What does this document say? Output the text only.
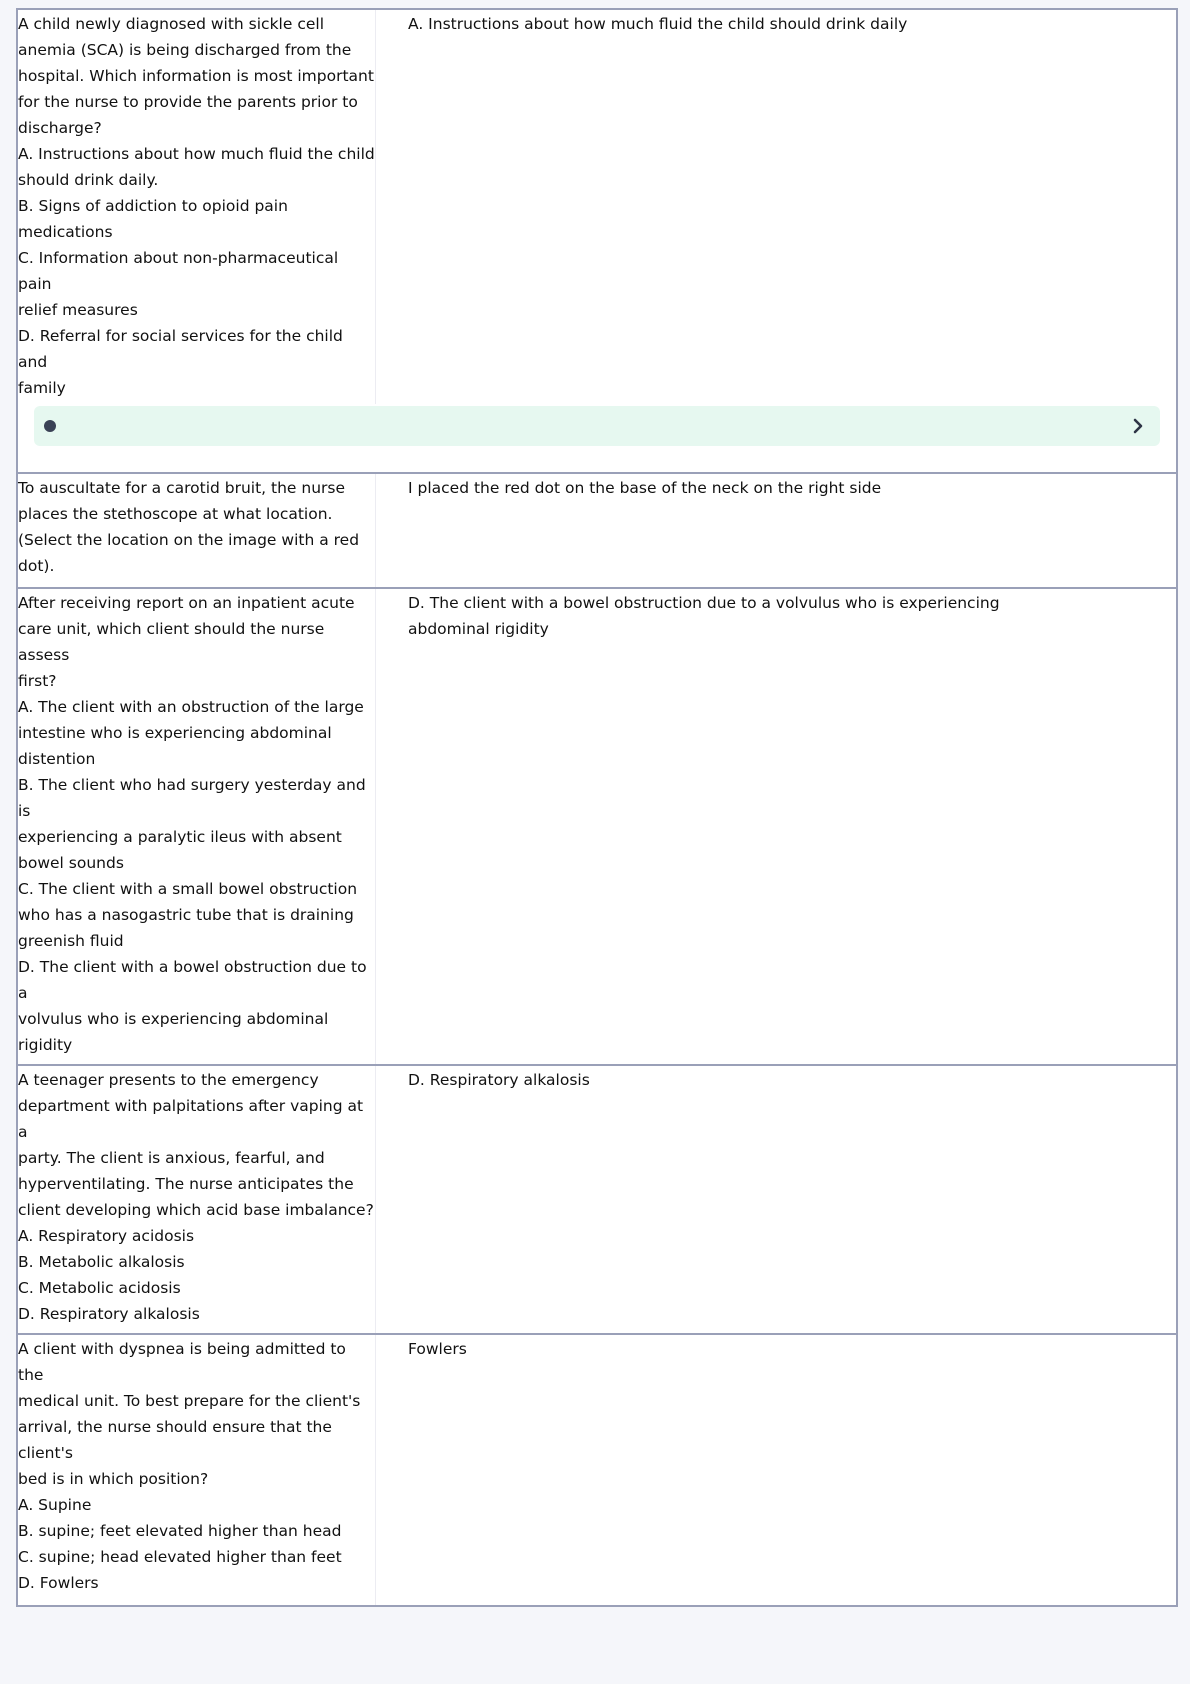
A child newly diagnosed with sickle cell
anemia (SCA) is being discharged from the
hospital. Which information is most important
for the nurse to provide the parents prior to
discharge?
A. Instructions about how much fluid the child
should drink daily.
B. Signs of addiction to opioid pain
medications
C. Information about non-pharmaceutical pain
relief measures
D. Referral for social services for the child and
family
A. Instructions about how much fluid the child should drink daily
To auscultate for a carotid bruit, the nurse
places the stethoscope at what location.
(Select the location on the image with a red
dot).
I placed the red dot on the base of the neck on the right side
After receiving report on an inpatient acute
care unit, which client should the nurse assess
first?
A. The client with an obstruction of the large
intestine who is experiencing abdominal
distention
B. The client who had surgery yesterday and is
experiencing a paralytic ileus with absent
bowel sounds
C. The client with a small bowel obstruction
who has a nasogastric tube that is draining
greenish fluid
D. The client with a bowel obstruction due to a
volvulus who is experiencing abdominal
rigidity
D. The client with a bowel obstruction due to a volvulus who is experiencing abdominal rigidity
A teenager presents to the emergency
department with palpitations after vaping at a
party. The client is anxious, fearful, and
hyperventilating. The nurse anticipates the
client developing which acid base imbalance?
A. Respiratory acidosis
B. Metabolic alkalosis
C. Metabolic acidosis
D. Respiratory alkalosis
D. Respiratory alkalosis
A client with dyspnea is being admitted to the
medical unit. To best prepare for the client's
arrival, the nurse should ensure that the client's
bed is in which position?
A. Supine
B. supine; feet elevated higher than head
C. supine; head elevated higher than feet
D. Fowlers
Fowlers
